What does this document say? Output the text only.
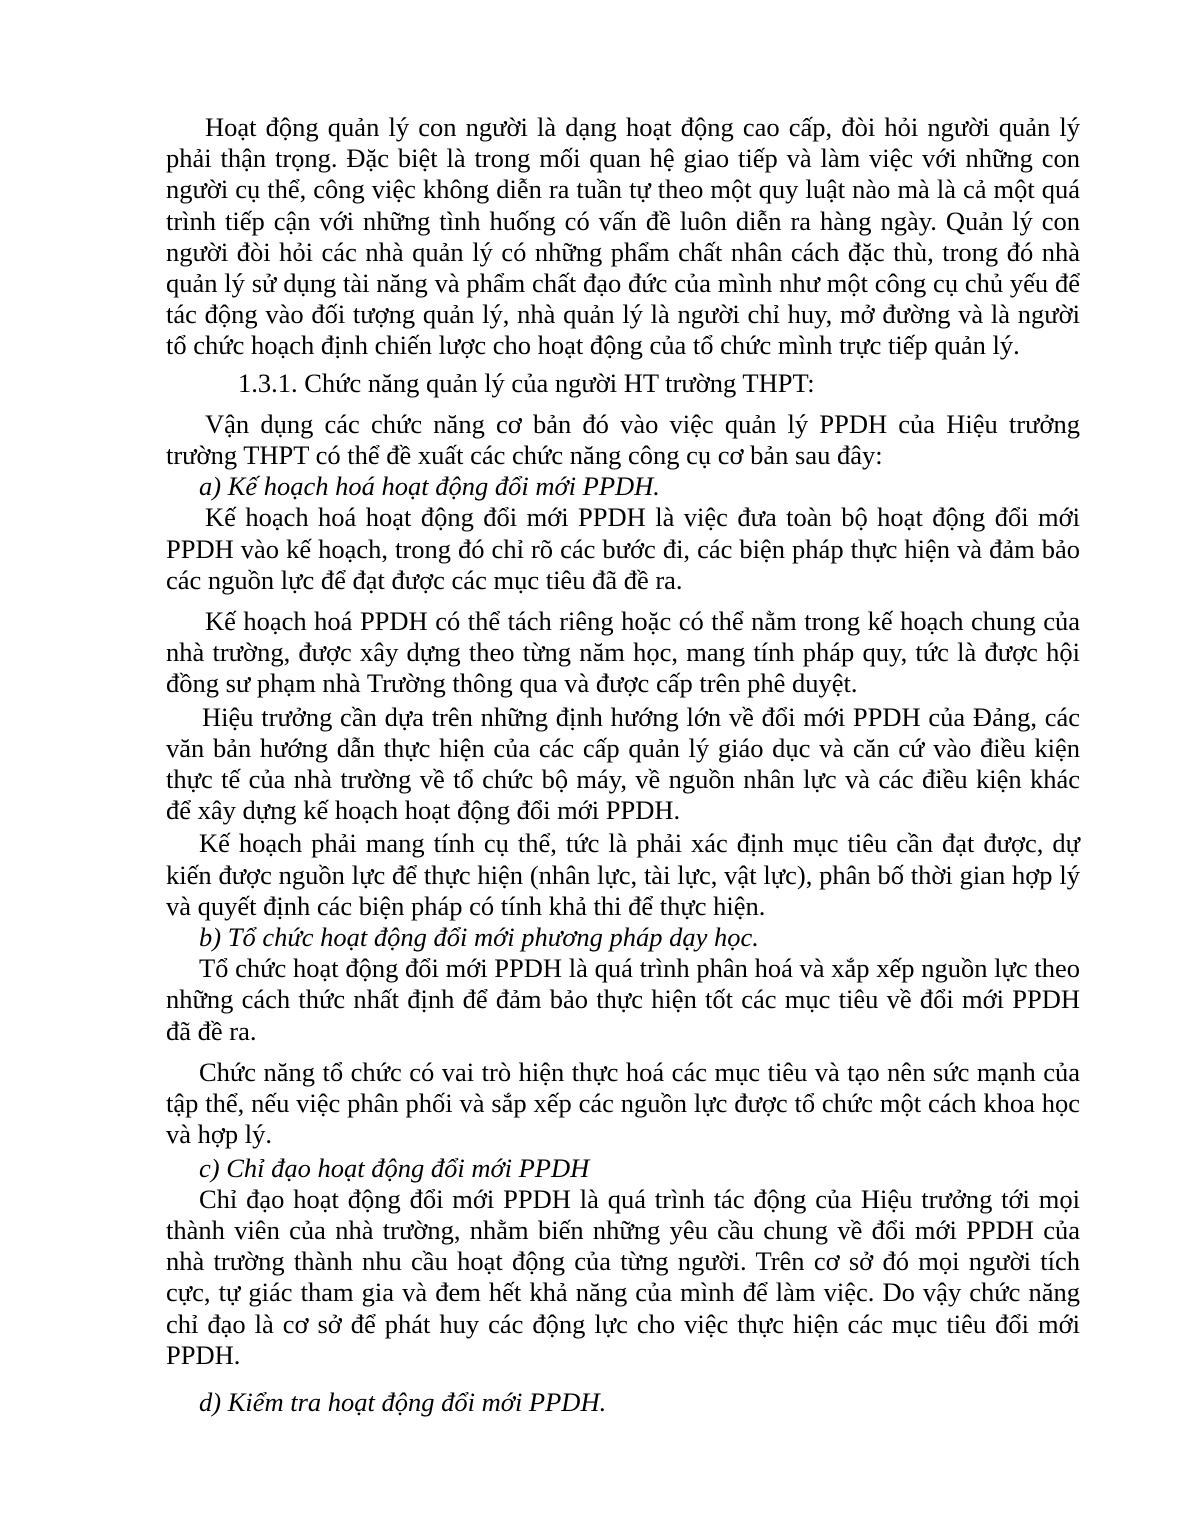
Hoạt động quản lý con người là dạng hoạt động cao cấp, đòi hỏi người quản lý phải thận trọng. Đặc biệt là trong mối quan hệ giao tiếp và làm việc với những con người cụ thể, công việc không diễn ra tuần tự theo một quy luật nào mà là cả một quá trình tiếp cận với những tình huống có vấn đề luôn diễn ra hàng ngày. Quản lý con người đòi hỏi các nhà quản lý có những phẩm chất nhân cách đặc thù, trong đó nhà quản lý sử dụng tài năng và phẩm chất đạo đức của mình như một công cụ chủ yếu để tác động vào đối tượng quản lý, nhà quản lý là người chỉ huy, mở đường và là người tổ chức hoạch định chiến lược cho hoạt động của tổ chức mình trực tiếp quản lý.

1.3.1. Chức năng quản lý của người HT trường THPT:

Vận dụng các chức năng cơ bản đó vào việc quản lý PPDH của Hiệu trưởng trường THPT có thể đề xuất các chức năng công cụ cơ bản sau đây:

a) Kế hoạch hoá hoạt động đổi mới PPDH.

Kế hoạch hoá hoạt động đổi mới PPDH là việc đưa toàn bộ hoạt động đổi mới PPDH vào kế hoạch, trong đó chỉ rõ các bước đi, các biện pháp thực hiện và đảm bảo các nguồn lực để đạt được các mục tiêu đã đề ra.

Kế hoạch hoá PPDH có thể tách riêng hoặc có thể nằm trong kế hoạch chung của nhà trường, được xây dựng theo từng năm học, mang tính pháp quy, tức là được hội đồng sư phạm nhà Trường thông qua và được cấp trên phê duyệt.

Hiệu trưởng cần dựa trên những định hướng lớn về đổi mới PPDH của Đảng, các văn bản hướng dẫn thực hiện của các cấp quản lý giáo dục và căn cứ vào điều kiện thực tế của nhà trường về tổ chức bộ máy, về nguồn nhân lực và các điều kiện khác để xây dựng kế hoạch hoạt động đổi mới PPDH.

Kế hoạch phải mang tính cụ thể, tức là phải xác định mục tiêu cần đạt được, dự kiến được nguồn lực để thực hiện (nhân lực, tài lực, vật lực), phân bố thời gian hợp lý và quyết định các biện pháp có tính khả thi để thực hiện.

b) Tổ chức hoạt động đổi mới phương pháp dạy học.

Tổ chức hoạt động đổi mới PPDH là quá trình phân hoá và xắp xếp nguồn lực theo những cách thức nhất định để đảm bảo thực hiện tốt các mục tiêu về đổi mới PPDH đã đề ra.

Chức năng tổ chức có vai trò hiện thực hoá các mục tiêu và tạo nên sức mạnh của tập thể, nếu việc phân phối và sắp xếp các nguồn lực được tổ chức một cách khoa học và hợp lý.

c) Chỉ đạo hoạt động đổi mới PPDH

Chỉ đạo hoạt động đổi mới PPDH là quá trình tác động của Hiệu trưởng tới mọi thành viên của nhà trường, nhằm biến những yêu cầu chung về đổi mới PPDH của nhà trường thành nhu cầu hoạt động của từng người. Trên cơ sở đó mọi người tích cực, tự giác tham gia và đem hết khả năng của mình để làm việc. Do vậy chức năng chỉ đạo là cơ sở để phát huy các động lực cho việc thực hiện các mục tiêu đổi mới PPDH.

d) Kiểm tra hoạt động đổi mới PPDH.
